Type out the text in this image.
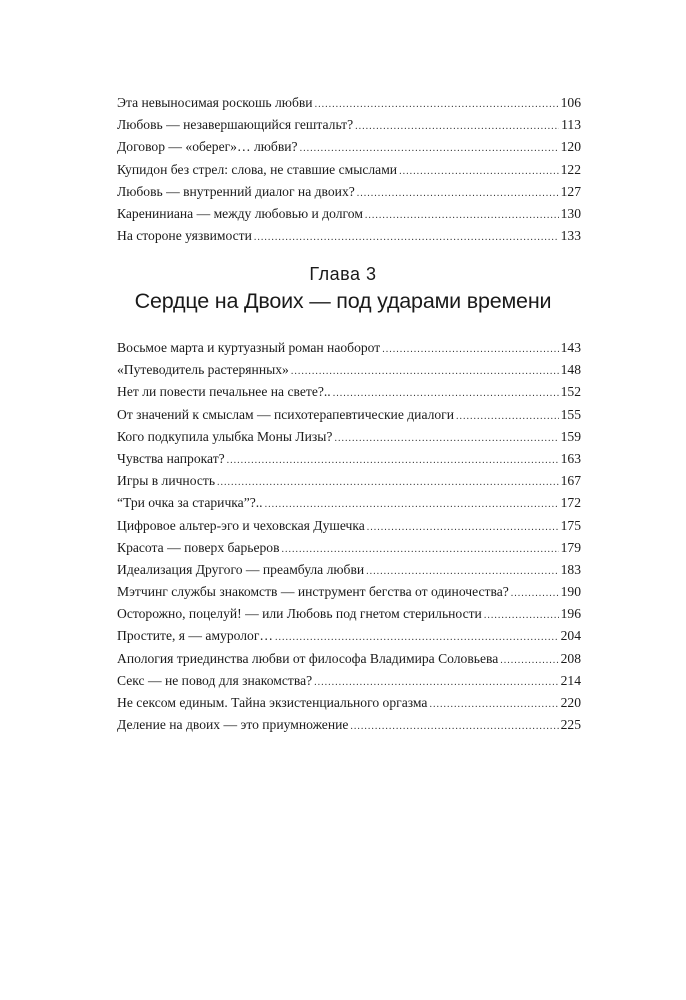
Эта невыносимая роскошь любви .....	106
Любовь — незавершающийся гештальт? .....	113
Договор — «оберег»… любви? .....	120
Купидон без стрел: слова, не ставшие смыслами .....	122
Любовь — внутренний диалог на двоих? .....	127
Каренинианa — между любовью и долгом .....	130
На стороне уязвимости .....	133
Глава 3
Сердце на Двоих — под ударами времени
Восьмое марта и куртуазный роман наоборот .....	143
«Путеводитель растерянных» .....	148
Нет ли повести печальнее на свете?.. .....	152
От значений к смыслам — психотерапевтические диалоги .....	155
Кого подкупила улыбка Моны Лизы? .....	159
Чувства напрокат? .....	163
Игры в личность .....	167
“Три очка за старичка”?.. .....	172
Цифровое альтер-эго и чеховская Душечка .....	175
Красота — поверх барьеров .....	179
Идеализация Другого — преамбула любви .....	183
Мэтчинг службы знакомств — инструмент бегства от одиночества? .....	190
Осторожно, поцелуй! — или Любовь под гнетом стерильности .....	196
Простите, я — амуролог… .....	204
Апология триединства любви от философа Владимира Соловьева .....	208
Секс — не повод для знакомства? .....	214
Не сексом единым. Тайна экзистенциального оргазма .....	220
Деление на двоих — это приумножение .....	225
